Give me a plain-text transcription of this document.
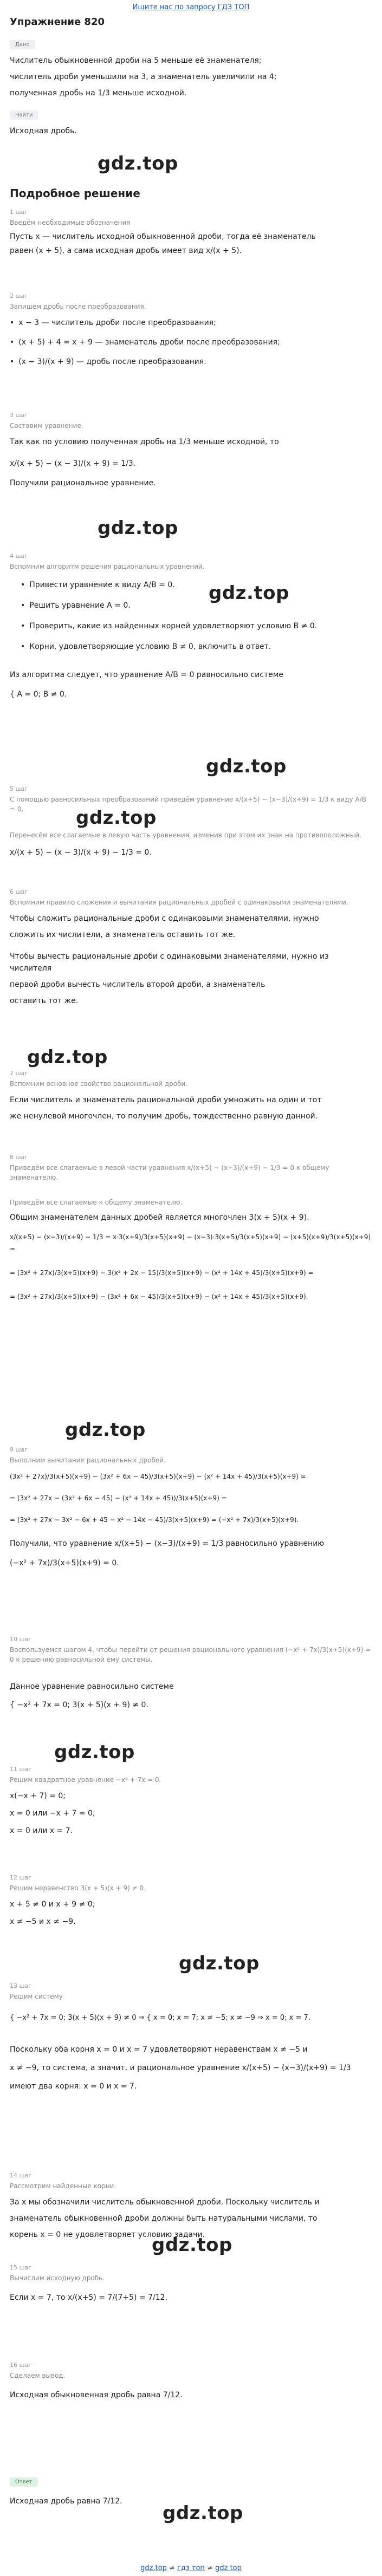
Ищите нас по запросу ГДЗ ТОП
Упражнение 820
Дано
Числитель обыкновенной дроби на 5 меньше её знаменателя;
числитель дроби уменьшили на 3, а знаменатель увеличили на 4;
полученная дробь на 1/3 меньше исходной.
Найти
Исходная дробь.
gdz.top
Подробное решение
1 шаг
Введём необходимые обозначения
Пусть x — числитель исходной обыкновенной дроби, тогда её знаменатель
равен (x + 5), а сама исходная дробь имеет вид x/(x + 5).
2 шаг
Запишем дробь после преобразования.
• x − 3 — числитель дроби после преобразования;
• (x + 5) + 4 = x + 9 — знаменатель дроби после преобразования;
• (x − 3)/(x + 9) — дробь после преобразования.
3 шаг
Составим уравнение.
Так как по условию полученная дробь на 1/3 меньше исходной, то
x/(x + 5) − (x − 3)/(x + 9) = 1/3.
Получили рациональное уравнение.
gdz.top
4 шаг
Вспомним алгоритм решения рациональных уравнений.
• Привести уравнение к виду A/B = 0.
• Решить уравнение A = 0.
• Проверить, какие из найденных корней удовлетворяют условию B ≠ 0.
• Корни, удовлетворяющие условию B ≠ 0, включить в ответ.
Из алгоритма следует, что уравнение A/B = 0 равносильно системе
{ A = 0; B ≠ 0.
gdz.top
gdz.top
5 шаг
С помощью равносильных преобразований приведём уравнение x/(x+5) − (x−3)/(x+9) = 1/3 к виду A/B = 0.
Перенесём все слагаемые в левую часть уравнения, изменив при этом их знак на противоположный.
x/(x + 5) − (x − 3)/(x + 9) − 1/3 = 0.
gdz.top
6 шаг
Вспомним правило сложения и вычитания рациональных дробей с одинаковыми знаменателями.
Чтобы сложить рациональные дроби с одинаковыми знаменателями, нужно
сложить их числители, а знаменатель оставить тот же.
Чтобы вычесть рациональные дроби с одинаковыми знаменателями, нужно из числителя
первой дроби вычесть числитель второй дроби, а знаменатель
оставить тот же.
gdz.top
7 шаг
Вспомним основное свойство рациональной дроби.
Если числитель и знаменатель рациональной дроби умножить на один и тот
же ненулевой многочлен, то получим дробь, тождественно равную данной.
8 шаг
Приведём все слагаемые в левой части уравнения x/(x+5) − (x−3)/(x+9) − 1/3 = 0 к общему знаменателю.
Приведём все слагаемые к общему знаменателю.
Общим знаменателем данных дробей является многочлен 3(x + 5)(x + 9).
x/(x+5) − (x−3)/(x+9) − 1/3 = x·3(x+9)/3(x+5)(x+9) − (x−3)·3(x+5)/3(x+5)(x+9) − (x+5)(x+9)/3(x+5)(x+9) =
= (3x² + 27x)/3(x+5)(x+9) − 3(x² + 2x − 15)/3(x+5)(x+9) − (x² + 14x + 45)/3(x+5)(x+9) =
= (3x² + 27x)/3(x+5)(x+9) − (3x² + 6x − 45)/3(x+5)(x+9) − (x² + 14x + 45)/3(x+5)(x+9).
gdz.top
9 шаг
Выполним вычитание рациональных дробей.
(3x² + 27x)/3(x+5)(x+9) − (3x² + 6x − 45)/3(x+5)(x+9) − (x² + 14x + 45)/3(x+5)(x+9) =
= (3x² + 27x − (3x² + 6x − 45) − (x² + 14x + 45))/3(x+5)(x+9) =
= (3x² + 27x − 3x² − 6x + 45 − x² − 14x − 45)/3(x+5)(x+9) = (−x² + 7x)/3(x+5)(x+9).
Получили, что уравнение x/(x+5) − (x−3)/(x+9) = 1/3 равносильно уравнению
(−x² + 7x)/3(x+5)(x+9) = 0.
10 шаг
Воспользуемся шагом 4, чтобы перейти от решения рационального уравнения (−x² + 7x)/3(x+5)(x+9) = 0 к решению равносильной ему системы.
Данное уравнение равносильно системе
{ −x² + 7x = 0; 3(x + 5)(x + 9) ≠ 0.
gdz.top
11 шаг
Решим квадратное уравнение −x² + 7x = 0.
x(−x + 7) = 0;
x = 0 или −x + 7 = 0;
x = 0 или x = 7.
12 шаг
Решим неравенство 3(x + 5)(x + 9) ≠ 0.
x + 5 ≠ 0 и x + 9 ≠ 0;
x ≠ −5 и x ≠ −9.
gdz.top
13 шаг
Решим систему
{ −x² + 7x = 0; 3(x + 5)(x + 9) ≠ 0 ⇒ { x = 0; x = 7; x ≠ −5; x ≠ −9 ⇒ x = 0; x = 7.
Поскольку оба корня x = 0 и x = 7 удовлетворяют неравенствам x ≠ −5 и
x ≠ −9, то система, а значит, и рациональное уравнение x/(x+5) − (x−3)/(x+9) = 1/3
имеют два корня: x = 0 и x = 7.
14 шаг
Рассмотрим найденные корни.
За x мы обозначили числитель обыкновенной дроби. Поскольку числитель и
знаменатель обыкновенной дроби должны быть натуральными числами, то
корень x = 0 не удовлетворяет условию задачи.
gdz.top
15 шаг
Вычислим исходную дробь.
Если x = 7, то x/(x+5) = 7/(7+5) = 7/12.
16 шаг
Сделаем вывод.
Исходная обыкновенная дробь равна 7/12.
Ответ
Исходная дробь равна 7/12.
gdz.top
gdz.top ≠ гдз топ ≠ gdz top
